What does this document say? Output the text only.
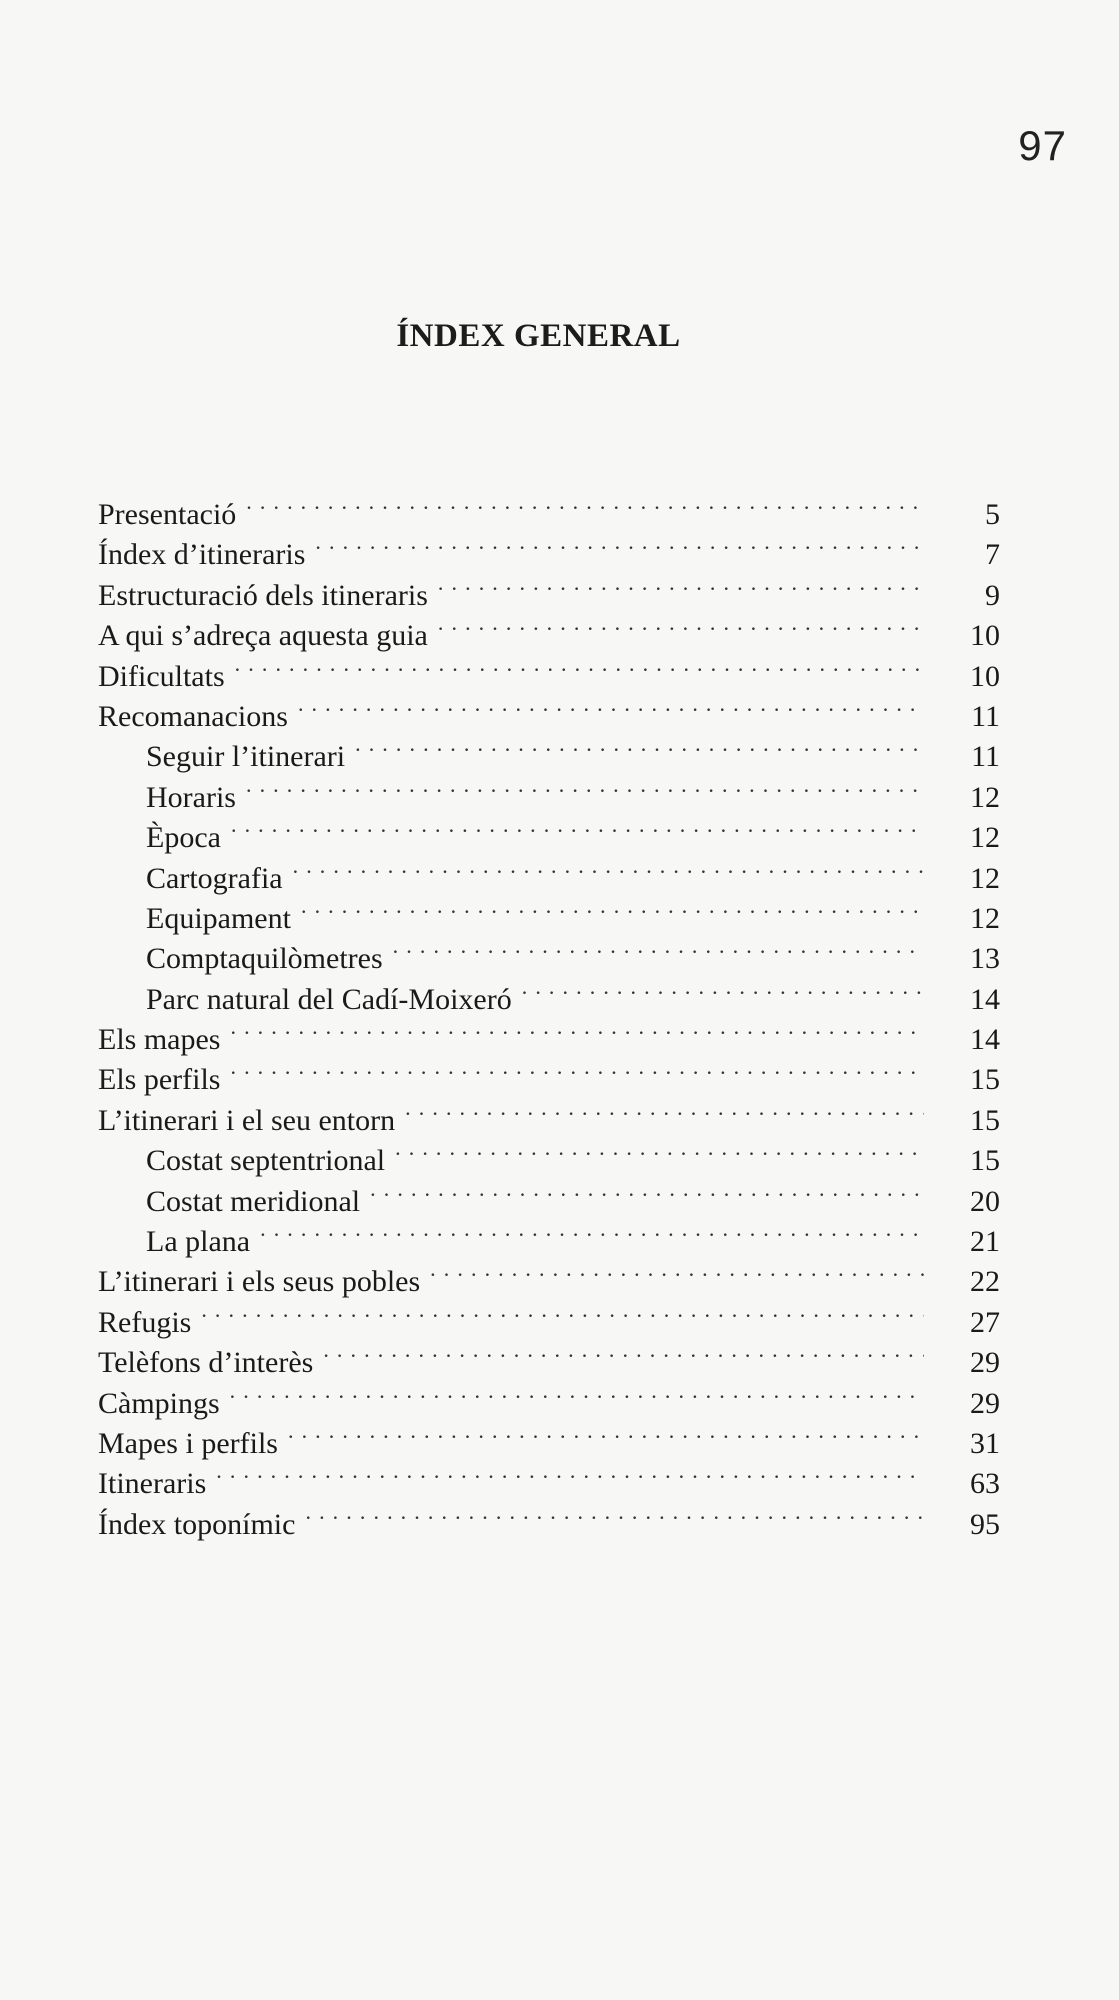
97
ÍNDEX GENERAL
Presentació . . .	5
Índex d’itineraris . . .	7
Estructuració dels itineraris . . .	9
A qui s’adreça aquesta guia . . .	10
Dificultats . . .	10
Recomanacions . . .	11
Seguir l’itinerari . . .	11
Horaris . . .	12
Època . . .	12
Cartografia . . .	12
Equipament . . .	12
Comptaquilòmetres . . .	13
Parc natural del Cadí-Moixeró . . .	14
Els mapes . . .	14
Els perfils . . .	15
L’itinerari i el seu entorn . . .	15
Costat septentrional . . .	15
Costat meridional . . .	20
La plana . . .	21
L’itinerari i els seus pobles . . .	22
Refugis . . .	27
Telèfons d’interès . . .	29
Càmpings . . .	29
Mapes i perfils . . .	31
Itineraris . . .	63
Índex toponímic . . .	95
